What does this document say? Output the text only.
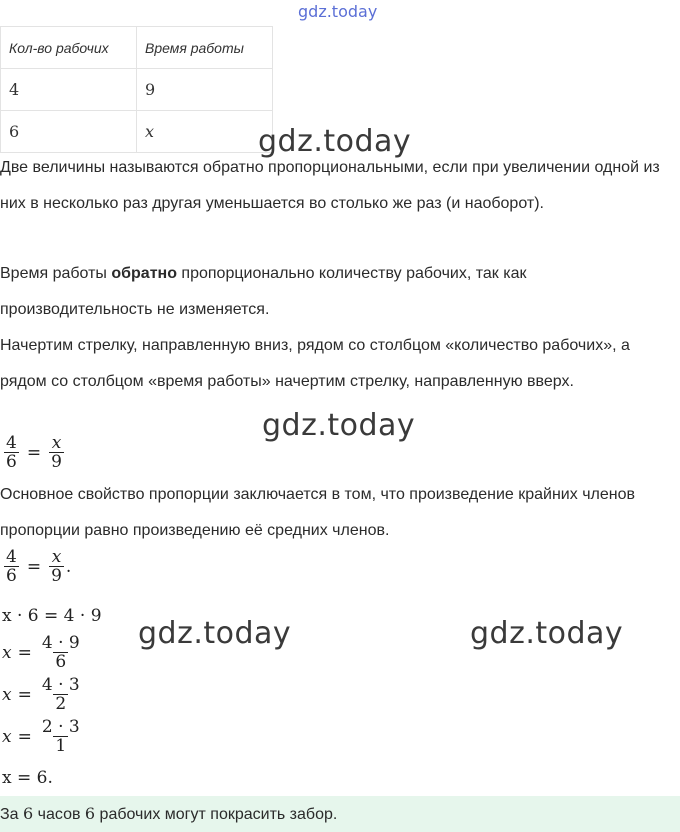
gdz.today
Кол-во рабочих	Время работы
4	9
6	x	gdz.today
gdz.today
gdz.today	gdz.today
Две величины называются обратно пропорциональными, если при увеличении одной из них в несколько раз другая уменьшается во столько же раз (и наоборот).
Время работы обратно пропорционально количеству рабочих, так как производительность не изменяется.
Начертим стрелку, направленную вниз, рядом со столбцом «количество рабочих», а рядом со столбцом «время работы» начертим стрелку, направленную вверх.
$\frac{4}{6} = \frac{x}{9}$
Основное свойство пропорции заключается в том, что произведение крайних членов пропорции равно произведению её средних членов.
$\frac{4}{6} = \frac{x}{9}$ .
x · 6 = 4 · 9
$x = \frac{4 \cdot 9}{6}$
$x = \frac{4 \cdot 3}{2}$
$x = \frac{2 \cdot 3}{1}$
x = 6.
За 6 часов 6 рабочих могут покрасить забор.
